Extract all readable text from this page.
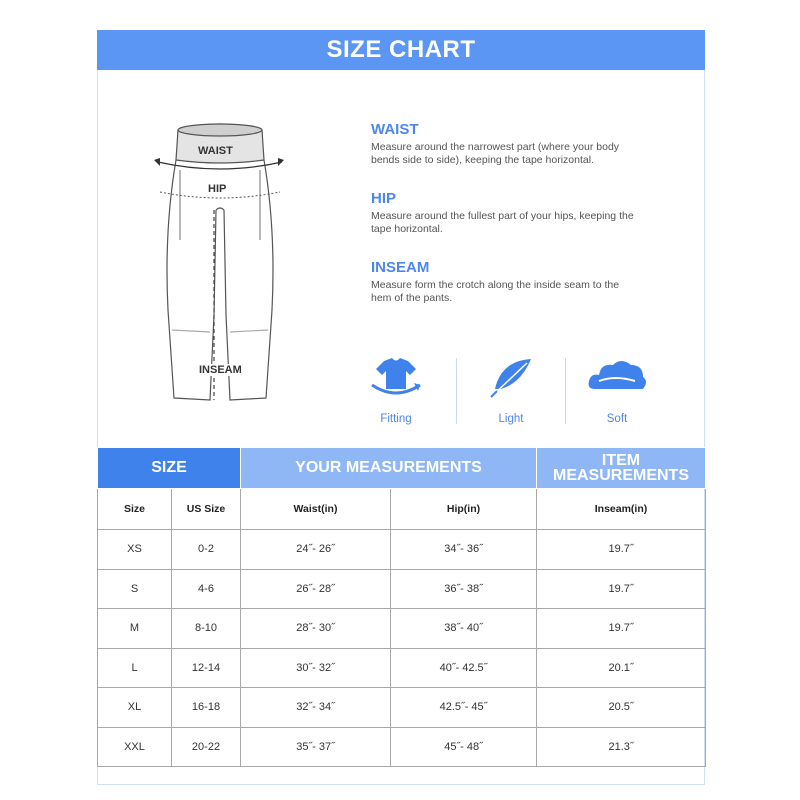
SIZE CHART
WAIST
HIP
INSEAM
WAIST

Measure around the narrowest part (where your body bends side to side), keeping the tape horizontal.

HIP

Measure around the fullest part of your hips, keeping the tape horizontal.

INSEAM

Measure form the crotch along the inside seam to the hem of the pants.

Fitting	Light	Soft
SIZE		YOUR MEASUREMENTS		ITEM MEASUREMENTS
Size	US Size	Waist(in)	Hip(in)	Inseam(in)
XS	0-2	24˝- 26˝	34˝- 36˝	19.7˝
S	4-6	26˝- 28˝	36˝- 38˝	19.7˝
M	8-10	28˝- 30˝	38˝- 40˝	19.7˝
L	12-14	30˝- 32˝	40˝- 42.5˝	20.1˝
XL	16-18	32˝- 34˝	42.5˝- 45˝	20.5˝
XXL	20-22	35˝- 37˝	45˝- 48˝	21.3˝
